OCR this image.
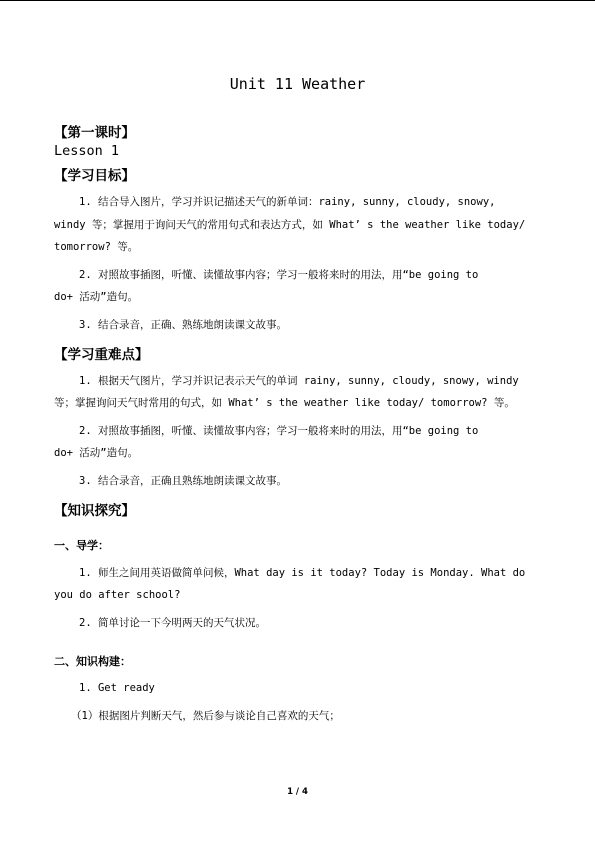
Unit 11 Weather
【第一课时】
Lesson 1
【学习目标】
1. 结合导入图片，学习并识记描述天气的新单词：rainy, sunny, cloudy, snowy,
windy 等；掌握用于询问天气的常用句式和表达方式，如 What’ s the weather like today/
tomorrow? 等。
2. 对照故事插图，听懂、读懂故事内容；学习一般将来时的用法，用“be going to
do+ 活动”造句。
3. 结合录音，正确、熟练地朗读课文故事。
【学习重难点】
1. 根据天气图片，学习并识记表示天气的单词 rainy, sunny, cloudy, snowy, windy
等；掌握询问天气时常用的句式，如 What’ s the weather like today/ tomorrow? 等。
2. 对照故事插图，听懂、读懂故事内容；学习一般将来时的用法，用“be going to
do+ 活动”造句。
3. 结合录音，正确且熟练地朗读课文故事。
【知识探究】
一、导学：
1. 师生之间用英语做简单问候，What day is it today? Today is Monday. What do
you do after school?
2. 简单讨论一下今明两天的天气状况。
二、知识构建：
1. Get ready
（1）根据图片判断天气，然后参与谈论自己喜欢的天气；
1 / 4
